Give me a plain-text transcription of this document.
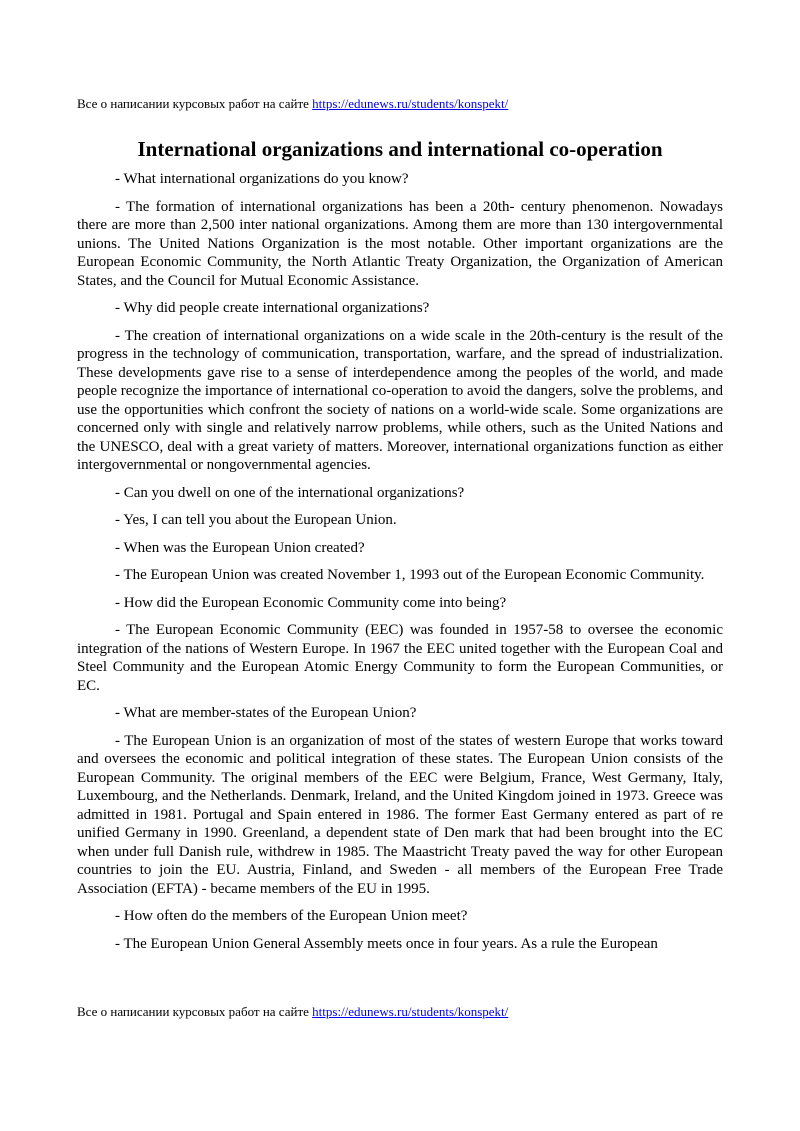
Все о написании курсовых работ на сайте https://edunews.ru/students/konspekt/
International organizations and international co-operation

- What international organizations do you know?

- The formation of international organizations has been a 20th- century phenomenon. Nowadays there are more than 2,500 inter national organizations. Among them are more than 130 intergovernmental unions. The United Nations Organization is the most notable. Other important organizations are the European Economic Community, the North Atlantic Treaty Organization, the Organization of American States, and the Council for Mutual Economic Assistance.

- Why did people create international organizations?

- The creation of international organizations on a wide scale in the 20th-century is the result of the progress in the technology of communication, transportation, warfare, and the spread of industrialization. These developments gave rise to a sense of interdependence among the peoples of the world, and made people recognize the importance of international co-operation to avoid the dangers, solve the problems, and use the opportunities which confront the society of nations on a world-wide scale. Some organizations are concerned only with single and relatively narrow problems, while others, such as the United Nations and the UNESCO, deal with a great variety of matters. Moreover, international organizations function as either intergovernmental or nongovernmental agencies.

- Can you dwell on one of the international organizations?

- Yes, I can tell you about the European Union.

- When was the European Union created?

- The European Union was created November 1, 1993 out of the European Economic Community.

- How did the European Economic Community come into being?

- The European Economic Community (EEC) was founded in 1957-58 to oversee the economic integration of the nations of Western Europe. In 1967 the EEC united together with the European Coal and Steel Community and the European Atomic Energy Community to form the European Communities, or EC.

- What are member-states of the European Union?

- The European Union is an organization of most of the states of western Europe that works toward and oversees the economic and political integration of these states. The European Union consists of the European Community. The original members of the EEC were Belgium, France, West Germany, Italy, Luxembourg, and the Netherlands. Denmark, Ireland, and the United Kingdom joined in 1973. Greece was admitted in 1981. Portugal and Spain entered in 1986. The former East Germany entered as part of re unified Germany in 1990. Greenland, a dependent state of Den mark that had been brought into the EC when under full Danish rule, withdrew in 1985. The Maastricht Treaty paved the way for other European countries to join the EU. Austria, Finland, and Sweden - all members of the European Free Trade Association (EFTA) - became members of the EU in 1995.

- How often do the members of the European Union meet?

- The European Union General Assembly meets once in four years. As a rule the European

Все о написании курсовых работ на сайте https://edunews.ru/students/konspekt/
